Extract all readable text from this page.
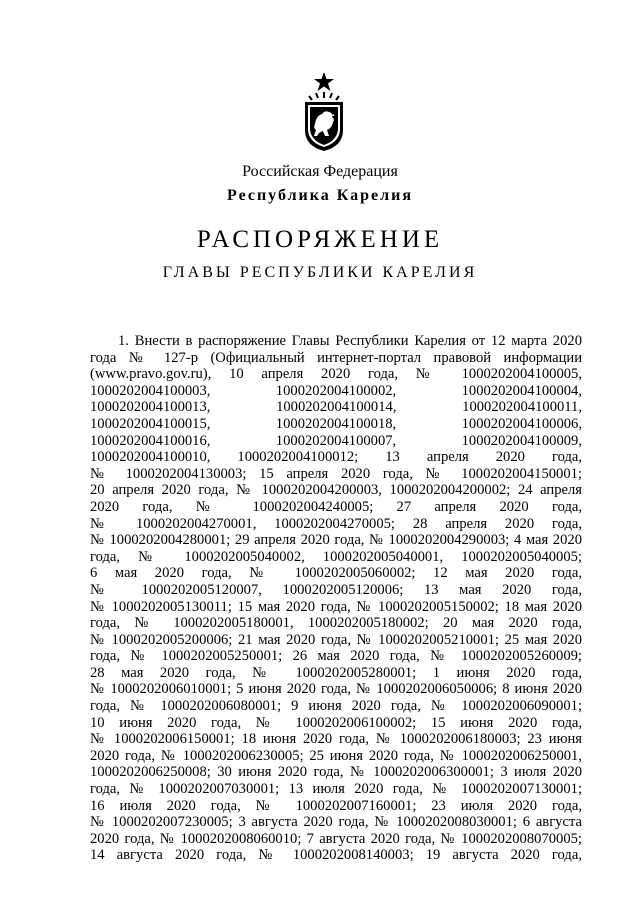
Российская Федерация
Республика Карелия
РАСПОРЯЖЕНИЕ
ГЛАВЫ РЕСПУБЛИКИ КАРЕЛИЯ
1. Внести в распоряжение Главы Республики Карелия от 12 марта 2020
года № 127-р (Официальный интернет-портал правовой информации
(www.pravo.gov.ru), 10 апреля 2020 года, № 1000202004100005,
1000202004100003, 1000202004100002, 1000202004100004,
1000202004100013, 1000202004100014, 1000202004100011,
1000202004100015, 1000202004100018, 1000202004100006,
1000202004100016, 1000202004100007, 1000202004100009,
1000202004100010, 1000202004100012; 13 апреля 2020 года,
№ 1000202004130003; 15 апреля 2020 года, № 1000202004150001;
20 апреля 2020 года, № 1000202004200003, 1000202004200002; 24 апреля
2020 года, № 1000202004240005; 27 апреля 2020 года,
№ 1000202004270001, 1000202004270005; 28 апреля 2020 года,
№ 1000202004280001; 29 апреля 2020 года, № 1000202004290003; 4 мая 2020
года, № 1000202005040002, 1000202005040001, 1000202005040005;
6 мая 2020 года, № 1000202005060002; 12 мая 2020 года,
№ 1000202005120007, 1000202005120006; 13 мая 2020 года,
№ 1000202005130011; 15 мая 2020 года, № 1000202005150002; 18 мая 2020
года, № 1000202005180001, 1000202005180002; 20 мая 2020 года,
№ 1000202005200006; 21 мая 2020 года, № 1000202005210001; 25 мая 2020
года, № 1000202005250001; 26 мая 2020 года, № 1000202005260009;
28 мая 2020 года, № 1000202005280001; 1 июня 2020 года,
№ 1000202006010001; 5 июня 2020 года, № 1000202006050006; 8 июня 2020
года, № 1000202006080001; 9 июня 2020 года, № 1000202006090001;
10 июня 2020 года, № 1000202006100002; 15 июня 2020 года,
№ 1000202006150001; 18 июня 2020 года, № 1000202006180003; 23 июня
2020 года, № 1000202006230005; 25 июня 2020 года, № 1000202006250001,
1000202006250008; 30 июня 2020 года, № 1000202006300001; 3 июля 2020
года, № 1000202007030001; 13 июля 2020 года, № 1000202007130001;
16 июля 2020 года, № 1000202007160001; 23 июля 2020 года,
№ 1000202007230005; 3 августа 2020 года, № 1000202008030001; 6 августа
2020 года, № 1000202008060010; 7 августа 2020 года, № 1000202008070005;
14 августа 2020 года, № 1000202008140003; 19 августа 2020 года,
